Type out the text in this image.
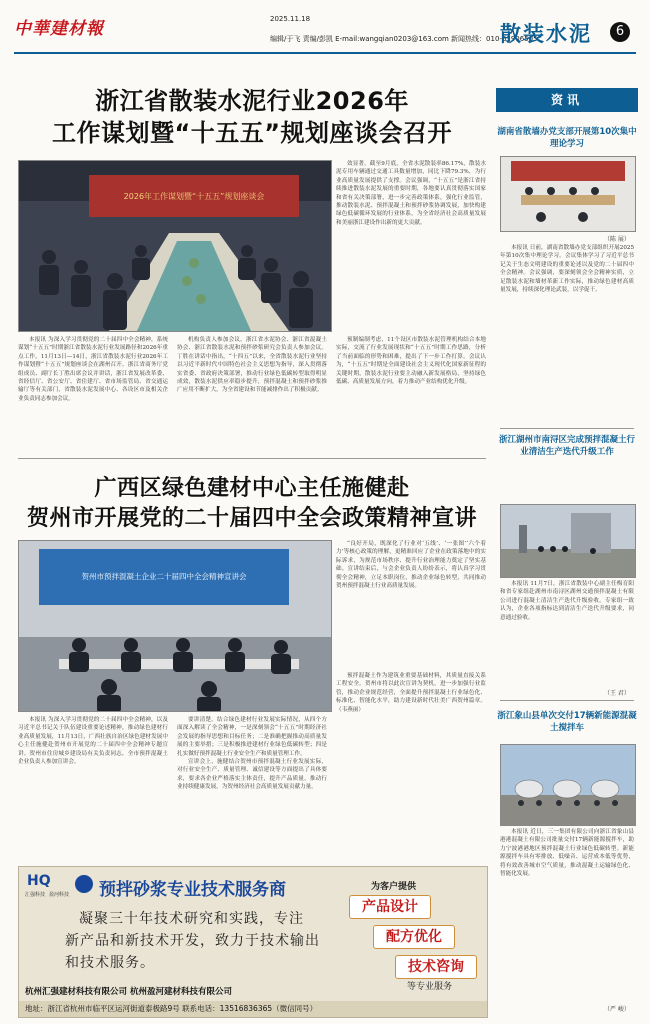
中華建材報	2025.11.18
编辑/于飞 责编/彭凯 E-mail:wangqian0203@163.com 新闻热线：010-51906505
散装水泥	6
浙江省散装水泥行业2026年
工作谋划暨“十五五”规划座谈会召开
2026年工作谋划暨“十五五”规划座谈会

效显著。截至9月底，全省水泥散装率86.17%，散装水泥专用车辆通过交通工具数量增加，同比下降79.3%，为行业高质量发展提供了支撑。会议强调，“十五五”是浙江省持续推进散装水泥发展的重要时期，各地要认真贯彻落实国家和省有关决策部署，进一步完善政策体系，强化行业监管，推动散装水泥、预拌混凝土和预拌砂浆协调发展，加快构建绿色低碳循环发展的行业体系，为全省经济社会高质量发展和美丽浙江建设作出新的更大贡献。

本报讯 为深入学习贯彻党的二十届四中全会精神，系统谋划“十五五”时期浙江省散装水泥行业发展路径和2026年重点工作，11月13日—14日，浙江省散装水泥行业2026年工作谋划暨“十五五”规划座谈会在湖州召开。浙江省商务厅党组成员、副厅长丁胜出席会议并讲话，浙江省发展改革委、省经信厅、省公安厅、省住建厅、省市场监管局、省交通运输厅等有关部门，省散装水泥发展中心、各设区市及相关企业负责同志参加会议。

机构负责人参加会议。浙江省水泥协会、浙江省混凝土协会、浙江省散装水泥和预拌砂浆研究会负责人参加会议。丁胜在讲话中指出，“十四五”以来，全省散装水泥行业坚持以习近平新时代中国特色社会主义思想为指导，深入贯彻落实省委、省政府决策部署，推动行业绿色低碳转型取得明显成效，散装水泥供应率稳步提升，预拌混凝土和预拌砂浆推广应用不断扩大，为全省建设和节能减排作出了积极贡献。

预制编制考虑，11个设区市散装水泥管理机构结合本地实际，交流了行业发展现状和“十五五”时期工作思路，分析了当前面临的形势和困难，提出了下一步工作打算。会议认为，“十五五”时期是全面建设社会主义现代化国家新征程的关键时期，散装水泥行业要主动融入新发展格局，坚持绿色低碳、高质量发展方向，着力推动产业结构优化升级。

广西区绿色建材中心主任施健赴
贺州市开展党的二十届四中全会政策精神宣讲
贺州市预拌混凝土企业二十届四中全会精神宣讲会

“良好开局，既深化了行业对‘五线’、‘一张图’‘六个着力’等核心政策的理解，更精准回应了企业在政策落地中的实际诉求，为规范市场秩序、提升行业治理能力奠定了坚实基础。宣讲结束后，与会企业负责人纷纷表示，将认真学习贯彻全会精神，立足本职岗位，推动企业绿色转型，共同推动贺州预拌混凝土行业高质量发展。

预拌混凝土作为建筑业重要基础材料，其质量直接关系工程安全。贺州市将以此次宣讲为契机，进一步加强行业监管，推动企业规范经营，全面提升预拌混凝土行业绿色化、标准化、智能化水平，助力建设新时代壮美广西贺州篇章。（韦燕丽）

本报讯 为深入学习贯彻党的二十届四中全会精神，以及习近平总书记关于队伍建设重要论述精神，推动绿色建材行业高质量发展，11月13日，广西壮族自治区绿色建材发展中心主任施健赴贺州市开展党的二十届四中全会精神专题宣讲。贺州市住房城乡建设局有关负责同志，全市预拌混凝土企业负责人参加宣讲会。

要讲清楚。结合绿色建材行业发展实际情况，从四个方面深入解读了全会精神，一是深刻领会“十五五”时期经济社会发展的指导思想和目标任务；二是准确把握推动高质量发展的主要举措；三是积极推进建材行业绿色低碳转型；四是扎实做好预拌混凝土行业安全生产和质量管理工作。

宣讲会上，施健结合贺州市预拌混凝土行业发展实际，对行业安全生产、质量管理、诚信建设等方面提出了具体要求，要求各企业严格落实主体责任，提升产品质量，推动行业持续健康发展，为贺州经济社会高质量发展贡献力量。

资讯
湖南省散墙办党支部开展第10次集中理论学习
（陈 展）

本报讯 日前，湖南省散墙办党支部组织开展2025年第10次集中理论学习。会议集体学习了习近平总书记关于生态文明建设的重要论述以及党的二十届四中全会精神。会议强调，要深刻领会全会精神实质，立足散装水泥和墙材革新工作实际，推动绿色建材高质量发展，持续深化理论武装，以学促干。

浙江湖州市南浔区完成预拌混凝土行业清洁生产迭代升级工作
（王 君）

本报讯 11月7日，浙江省散装中心副主任梅育阳和省专家组赴湖州市南浔区湖州交通预拌混凝土有限公司进行混凝土清洁生产迭代升级验收。专家组一致认为，企业各项指标达到清洁生产迭代升级要求，同意通过验收。

浙江象山县单次交付17辆新能源混凝土搅拌车

本报讯 近日，三一集团有限公司向浙江省象山县港港混凝土有限公司批量交付17辆新能源搅拌车，助力宁波港港地区预拌混凝土行业绿色低碳转型。新能源搅拌车具有零排放、低噪音、运营成本低等优势，将有效改善城市空气质量，推动混凝土运输绿色化、智能化发展。

（严 峻）
HQ
汇强科技 盈河科技 预拌砂浆专业技术服务商	为客户提供
凝聚三十年技术研究和实践，专注
新产品和新技术开发，致力于技术输出
和技术服务。
产品设计
配方优化
技术咨询
等专业服务
杭州汇强建材科技有限公司 杭州盈河建材科技有限公司
地址：浙江省杭州市临平区运河街道泰极路9号 联系电话：13516836365（微信同号）
